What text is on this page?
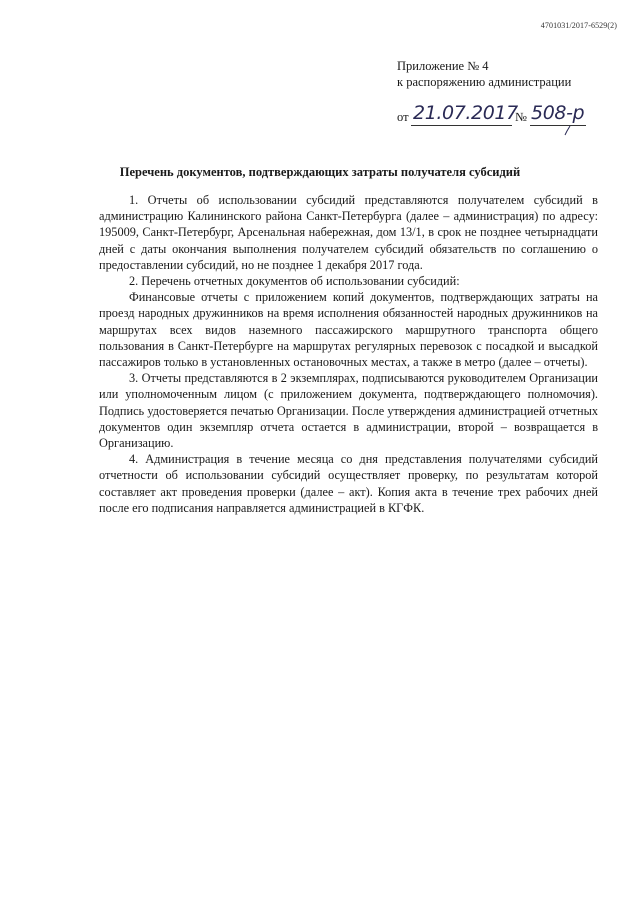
4701031/2017-6529(2)
Приложение № 4
к распоряжению администрации
от 21.07.2017
№ 508-р
Перечень документов, подтверждающих затраты получателя субсидий

1. Отчеты об использовании субсидий представляются получателем субсидий в администрацию Калининского района Санкт-Петербурга (далее – администрация) по адресу: 195009, Санкт-Петербург, Арсенальная набережная, дом 13/1, в срок не позднее четырнадцати дней с даты окончания выполнения получателем субсидий обязательств по соглашению о предоставлении субсидий, но не позднее 1 декабря 2017 года.

2. Перечень отчетных документов об использовании субсидий:

Финансовые отчеты с приложением копий документов, подтверждающих затраты на проезд народных дружинников на время исполнения обязанностей народных дружинников на маршрутах всех видов наземного пассажирского маршрутного транспорта общего пользования в Санкт-Петербурге на маршрутах регулярных перевозок с посадкой и высадкой пассажиров только в установленных остановочных местах, а также в метро (далее – отчеты).

3. Отчеты представляются в 2 экземплярах, подписываются руководителем Организации или уполномоченным лицом (с приложением документа, подтверждающего полномочия). Подпись удостоверяется печатью Организации. После утверждения администрацией отчетных документов один экземпляр отчета остается в администрации, второй – возвращается в Организацию.

4. Администрация в течение месяца со дня представления получателями субсидий отчетности об использовании субсидий осуществляет проверку, по результатам которой составляет акт проведения проверки (далее – акт). Копия акта в течение трех рабочих дней после его подписания направляется администрацией в КГФК.
